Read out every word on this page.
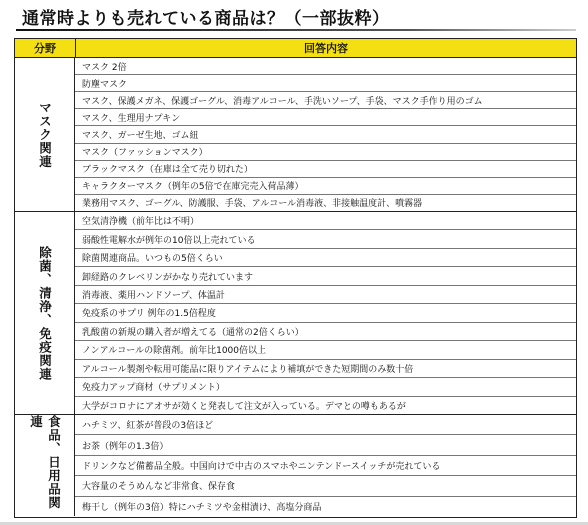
通常時よりも売れている商品は？（一部抜粋）
分野	回答内容
マスク関連
マスク 2倍
防塵マスク
マスク、保護メガネ、保護ゴーグル、消毒アルコール、手洗いソープ、手袋、マスク手作り用のゴム
マスク、生理用ナプキン
マスク、ガーゼ生地、ゴム紐
マスク（ファッションマスク）
ブラックマスク（在庫は全て売り切れた）
キャラクターマスク（例年の5倍で在庫完売入荷品薄）
業務用マスク、ゴーグル、防護服、手袋、アルコール消毒液、非接触温度計、噴霧器
除菌、清浄、免疫関連
空気清浄機（前年比は不明）
弱酸性電解水が例年の10倍以上売れている
除菌関連商品。いつもの5倍くらい
卸経路のクレベリンがかなり売れています
消毒液、薬用ハンドソープ、体温計
免疫系のサプリ 例年の1.5倍程度
乳酸菌の新規の購入者が増えてる（通常の2倍くらい）
ノンアルコールの除菌剤。前年比1000倍以上
アルコール製剤や転用可能品に限りアイテムにより補填ができた短期間のみ数十倍
免疫力アップ商材（サプリメント）
大学がコロナにアオサが効くと発表して注文が入っている。デマとの噂もあるが
食品、日用品関連	ハチミツ、紅茶が普段の3倍ほど
お茶（例年の1.3倍）
ドリンクなど備蓄品全般。中国向けで中古のスマホやニンテンドースイッチが売れている
大容量のそうめんなど非常食、保存食
梅干し（例年の3倍）特にハチミツや金柑漬け、高塩分商品
